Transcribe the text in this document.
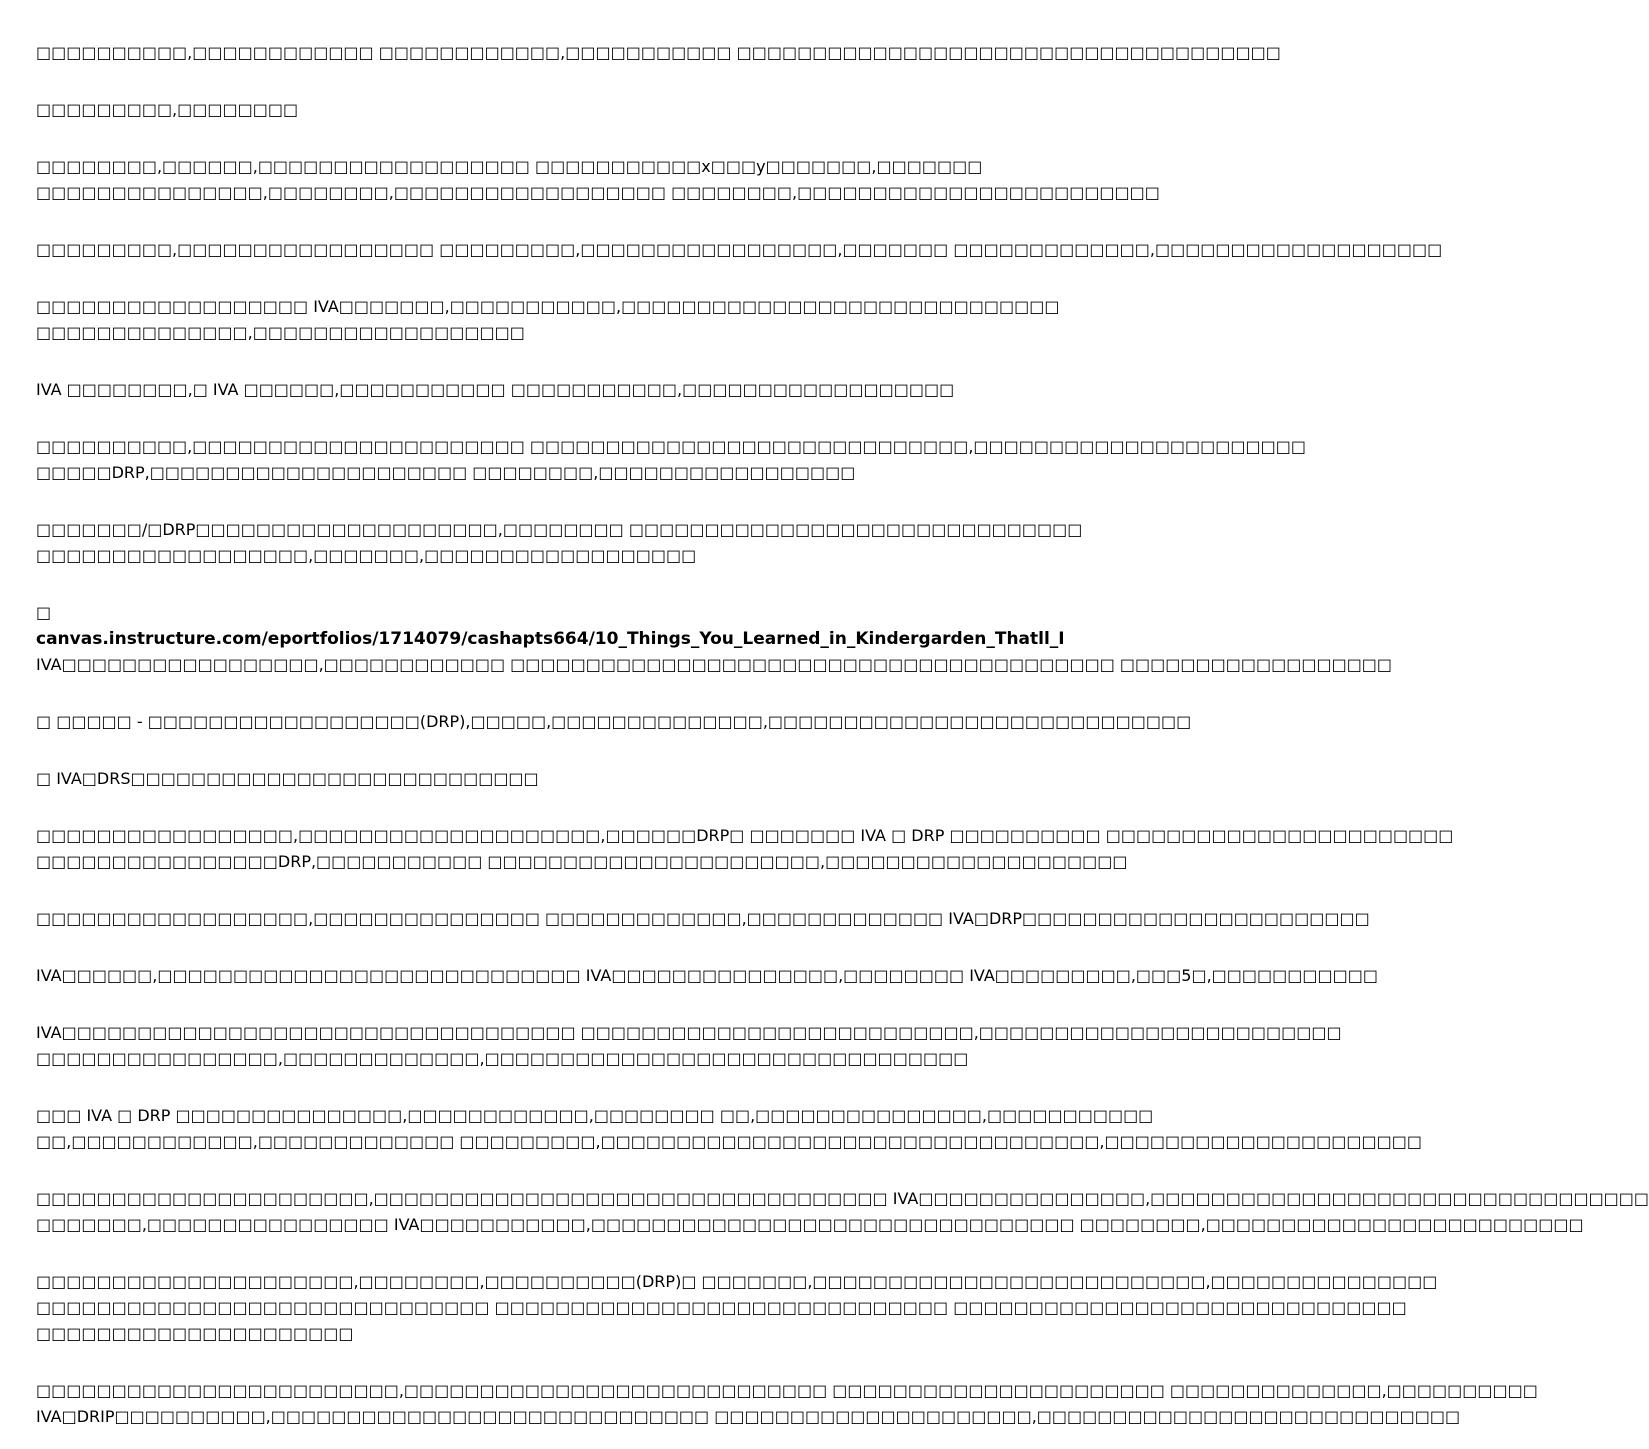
□□□□□□□□□□,□□□□□□□□□□□□ □□□□□□□□□□□□,□□□□□□□□□□□ □□□□□□□□□□□□□□□□□□□□□□□□□□□□□□□□□□□□
□□□□□□□□□,□□□□□□□□
□□□□□□□□,□□□□□□,□□□□□□□□□□□□□□□□□□ □□□□□□□□□□□x□□□y□□□□□□□,□□□□□□□
□□□□□□□□□□□□□□□,□□□□□□□□,□□□□□□□□□□□□□□□□□□ □□□□□□□□,□□□□□□□□□□□□□□□□□□□□□□□□
□□□□□□□□□,□□□□□□□□□□□□□□□□□ □□□□□□□□□,□□□□□□□□□□□□□□□□□,□□□□□□□ □□□□□□□□□□□□□,□□□□□□□□□□□□□□□□□□□
□□□□□□□□□□□□□□□□□□ IVA□□□□□□□,□□□□□□□□□□□,□□□□□□□□□□□□□□□□□□□□□□□□□□□□□
□□□□□□□□□□□□□□,□□□□□□□□□□□□□□□□□□
IVA □□□□□□□□,□ IVA □□□□□□,□□□□□□□□□□□ □□□□□□□□□□□,□□□□□□□□□□□□□□□□□□
□□□□□□□□□□,□□□□□□□□□□□□□□□□□□□□□□ □□□□□□□□□□□□□□□□□□□□□□□□□□□□□,□□□□□□□□□□□□□□□□□□□□□□
□□□□□DRP,□□□□□□□□□□□□□□□□□□□□□ □□□□□□□□,□□□□□□□□□□□□□□□□□
□□□□□□□/□DRP□□□□□□□□□□□□□□□□□□□□,□□□□□□□□ □□□□□□□□□□□□□□□□□□□□□□□□□□□□□□
□□□□□□□□□□□□□□□□□□,□□□□□□□,□□□□□□□□□□□□□□□□□□
□
canvas.instructure.com/eportfolios/1714079/cashapts664/10_Things_You_Learned_in_Kindergarden_Thatll_I
IVA□□□□□□□□□□□□□□□□□,□□□□□□□□□□□□ □□□□□□□□□□□□□□□□□□□□□□□□□□□□□□□□□□□□□□□□ □□□□□□□□□□□□□□□□□□
□ □□□□□ - □□□□□□□□□□□□□□□□□□(DRP),□□□□□,□□□□□□□□□□□□□□,□□□□□□□□□□□□□□□□□□□□□□□□□□□□
□ IVA□DRS□□□□□□□□□□□□□□□□□□□□□□□□□□□
□□□□□□□□□□□□□□□□□,□□□□□□□□□□□□□□□□□□□□,□□□□□□DRP□ □□□□□□□ IVA □ DRP □□□□□□□□□□ □□□□□□□□□□□□□□□□□□□□□□□
□□□□□□□□□□□□□□□□DRP,□□□□□□□□□□□ □□□□□□□□□□□□□□□□□□□□□□,□□□□□□□□□□□□□□□□□□□□
□□□□□□□□□□□□□□□□□□,□□□□□□□□□□□□□□□ □□□□□□□□□□□□□,□□□□□□□□□□□□□ IVA□DRP□□□□□□□□□□□□□□□□□□□□□□□
IVA□□□□□□,□□□□□□□□□□□□□□□□□□□□□□□□□□□□ IVA□□□□□□□□□□□□□□□,□□□□□□□□ IVA□□□□□□□□□,□□□5□,□□□□□□□□□□□
IVA□□□□□□□□□□□□□□□□□□□□□□□□□□□□□□□□□□ □□□□□□□□□□□□□□□□□□□□□□□□□□,□□□□□□□□□□□□□□□□□□□□□□□□
□□□□□□□□□□□□□□□□,□□□□□□□□□□□□□,□□□□□□□□□□□□□□□□□□□□□□□□□□□□□□□□
□□□ IVA □ DRP □□□□□□□□□□□□□□□,□□□□□□□□□□□□,□□□□□□□□ □□,□□□□□□□□□□□□□□□,□□□□□□□□□□□
□□,□□□□□□□□□□□□,□□□□□□□□□□□□□ □□□□□□□□□,□□□□□□□□□□□□□□□□□□□□□□□□□□□□□□□□□,□□□□□□□□□□□□□□□□□□□□□
□□□□□□□□□□□□□□□□□□□□□□,□□□□□□□□□□□□□□□□□□□□□□□□□□□□□□□□□□ IVA□□□□□□□□□□□□□□□,□□□□□□□□□□□□□□□□□□□□□□□□□□□□□□□□□
□□□□□□□,□□□□□□□□□□□□□□□□ IVA□□□□□□□□□□□,□□□□□□□□□□□□□□□□□□□□□□□□□□□□□□□□ □□□□□□□□,□□□□□□□□□□□□□□□□□□□□□□□□□
□□□□□□□□□□□□□□□□□□□□□,□□□□□□□□,□□□□□□□□□□(DRP)□ □□□□□□□,□□□□□□□□□□□□□□□□□□□□□□□□□□,□□□□□□□□□□□□□□□
□□□□□□□□□□□□□□□□□□□□□□□□□□□□□□ □□□□□□□□□□□□□□□□□□□□□□□□□□□□□□ □□□□□□□□□□□□□□□□□□□□□□□□□□□□□□
□□□□□□□□□□□□□□□□□□□□□
□□□□□□□□□□□□□□□□□□□□□□□□,□□□□□□□□□□□□□□□□□□□□□□□□□□□□ □□□□□□□□□□□□□□□□□□□□□□ □□□□□□□□□□□□□□,□□□□□□□□□□
IVA□DRIP□□□□□□□□□□,□□□□□□□□□□□□□□□□□□□□□□□□□□□□□ □□□□□□□□□□□□□□□□□□□□□,□□□□□□□□□□□□□□□□□□□□□□□□□□□□
